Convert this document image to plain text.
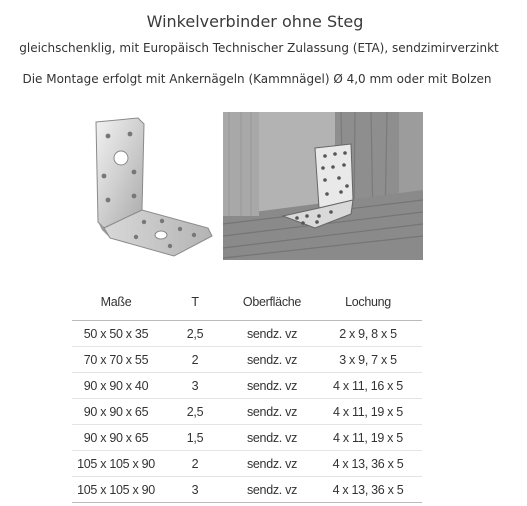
Winkelverbinder ohne Steg
gleichschenklig, mit Europäisch Technischer Zulassung (ETA), sendzimirverzinkt
Die Montage erfolgt mit Ankernägeln (Kammnägel) Ø 4,0 mm oder mit Bolzen
Maße	T	Oberfläche	Lochung
50 x 50 x 35	2,5	sendz. vz	2 x 9, 8 x 5
70 x 70 x 55	2	sendz. vz	3 x 9, 7 x 5
90 x 90 x 40	3	sendz. vz	4 x 11, 16 x 5
90 x 90 x 65	2,5	sendz. vz	4 x 11, 19 x 5
90 x 90 x 65	1,5	sendz. vz	4 x 11, 19 x 5
105 x 105 x 90	2	sendz. vz	4 x 13, 36 x 5
105 x 105 x 90	3	sendz. vz	4 x 13, 36 x 5
